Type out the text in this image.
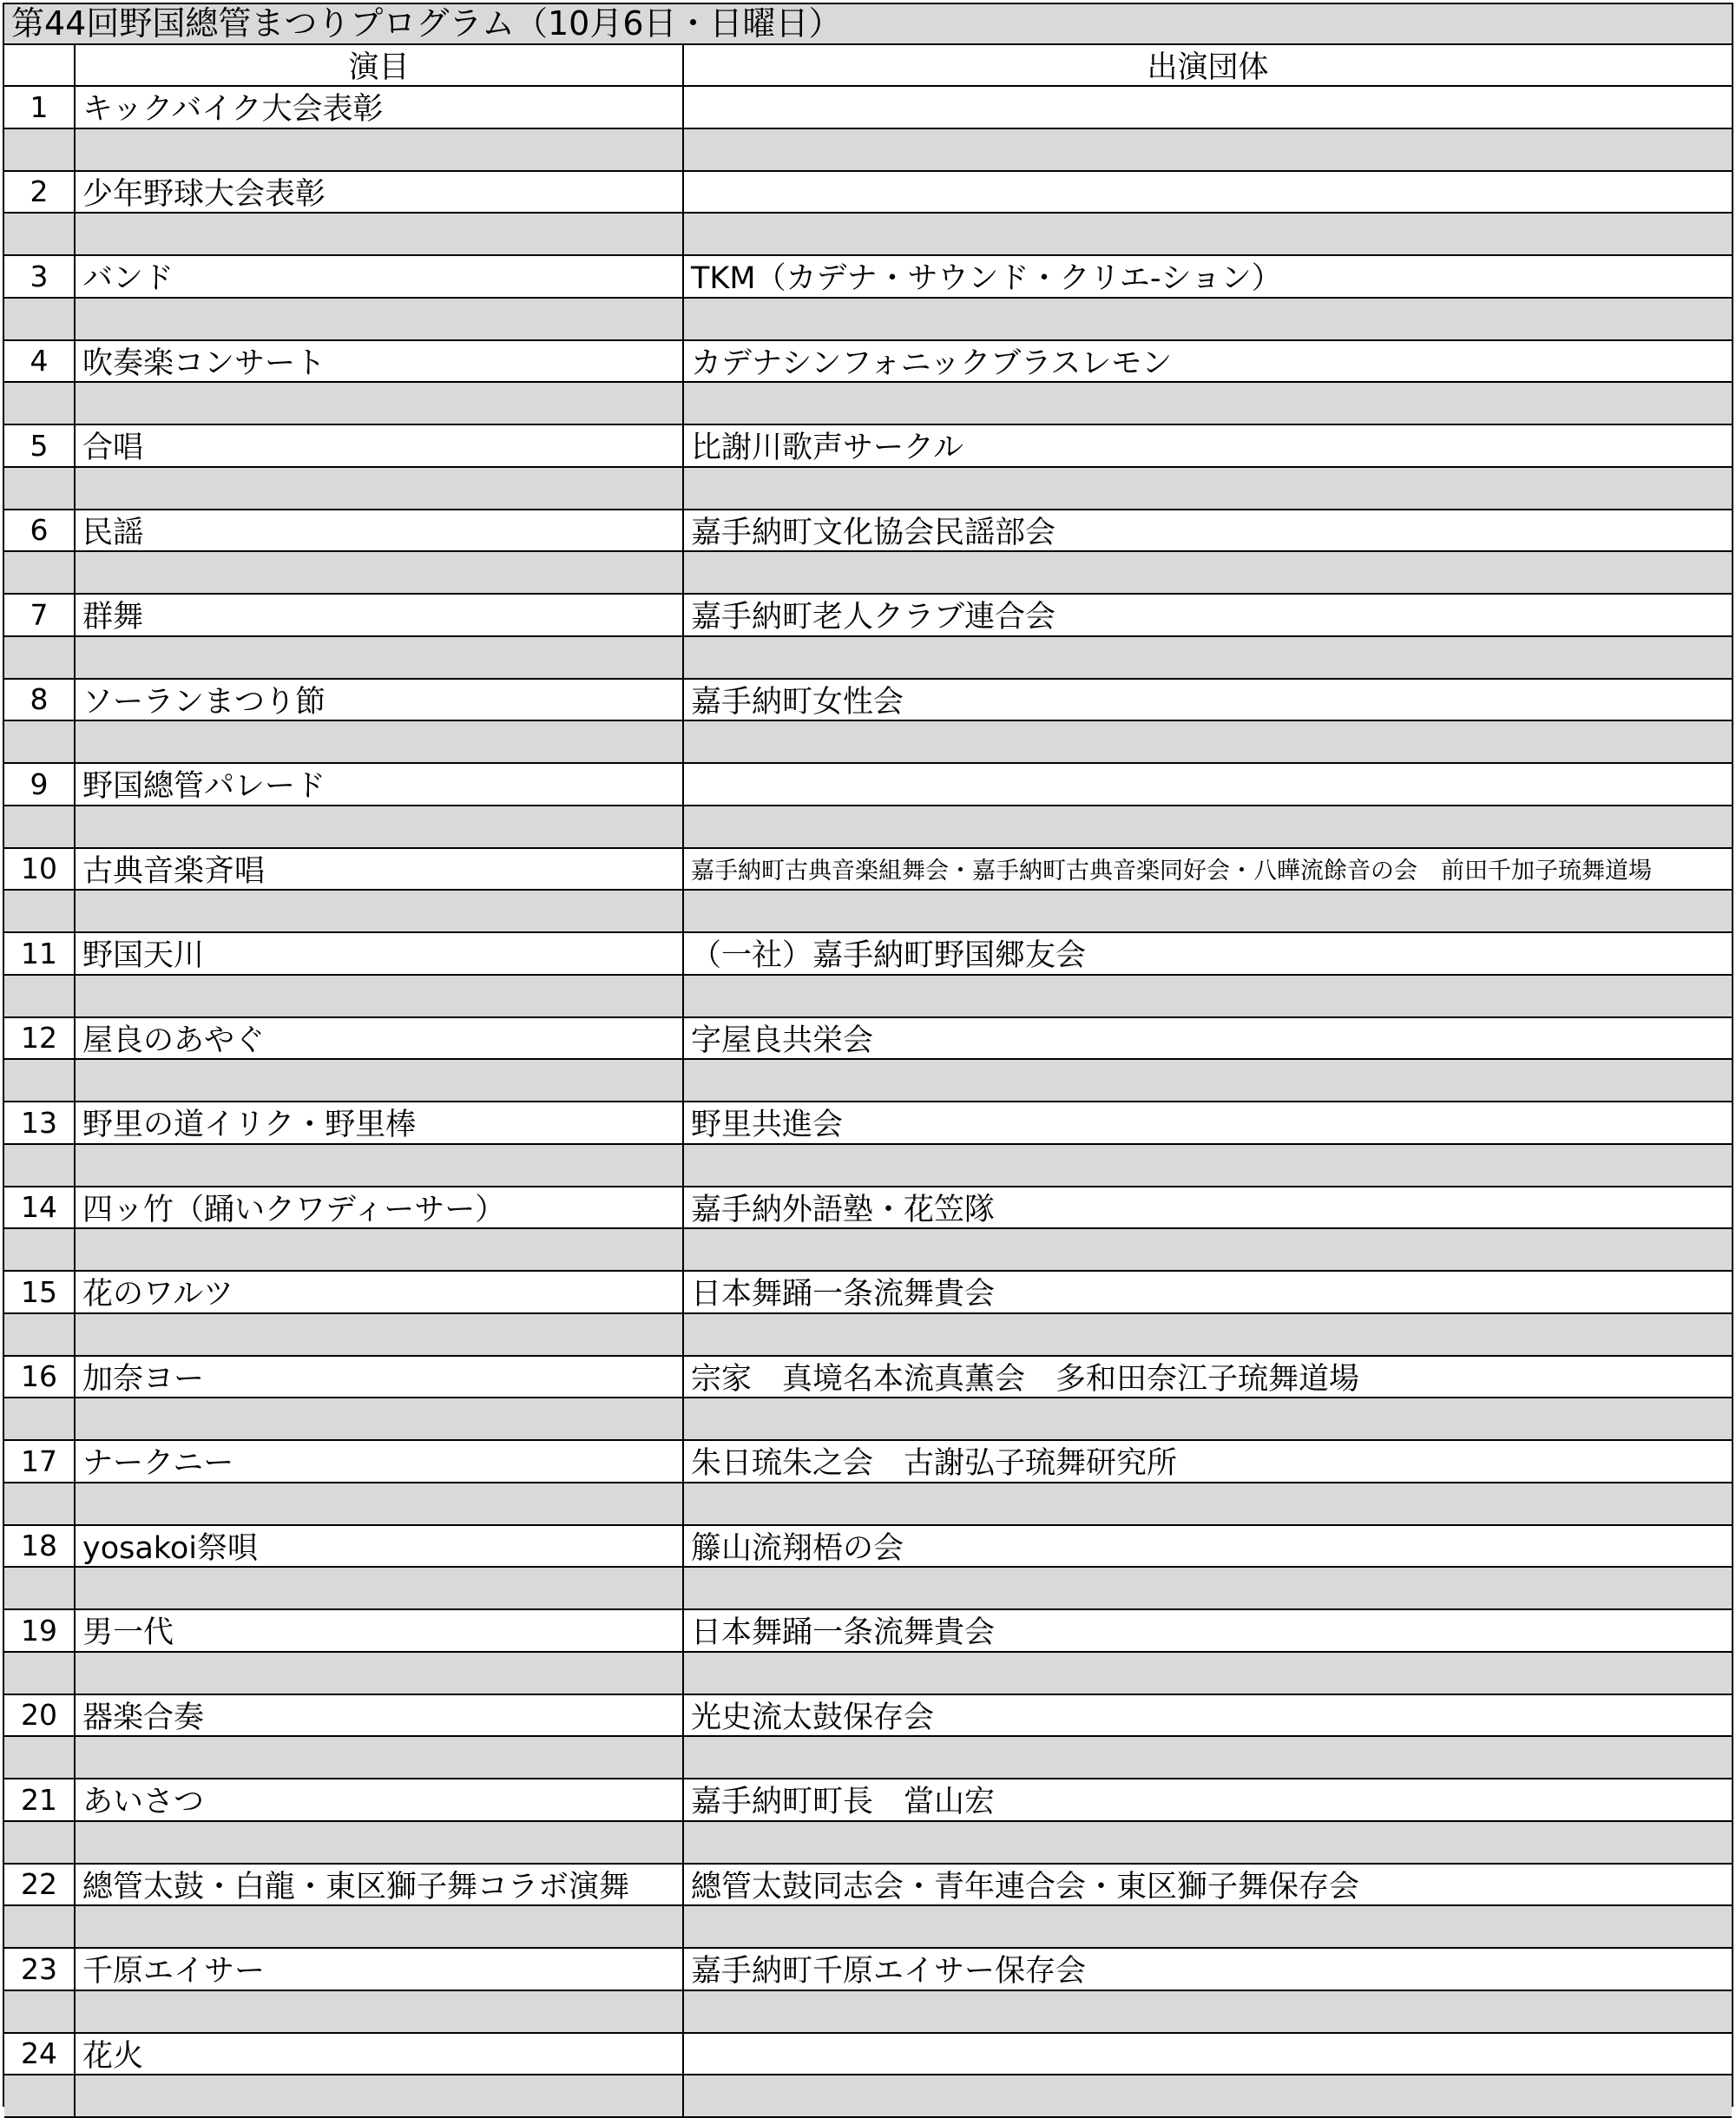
第44回野国總管まつりプログラム（10月6日・日曜日）
演目	出演団体
1	キックバイク大会表彰
2	少年野球大会表彰
3	バンド	TKM（カデナ・サウンド・クリエ-ション）
4	吹奏楽コンサート	カデナシンフォニックブラスレモン
5	合唱	比謝川歌声サークル
6	民謡	嘉手納町文化協会民謡部会
7	群舞	嘉手納町老人クラブ連合会
8	ソーランまつり節	嘉手納町女性会
9	野国總管パレード
10 古典音楽斉唱	嘉手納町古典音楽組舞会・嘉手納町古典音楽同好会・八曄流餘音の会　前田千加子琉舞道場
11 野国天川	（一社）嘉手納町野国郷友会
12 屋良のあやぐ	字屋良共栄会
13 野里の道イリク・野里棒	野里共進会
14 四ッ竹（踊いクワディーサー）	嘉手納外語塾・花笠隊
15 花のワルツ	日本舞踊一条流舞貴会
16 加奈ヨー	宗家　真境名本流真薫会　多和田奈江子琉舞道場
17 ナークニー	朱日琉朱之会　古謝弘子琉舞研究所
18 yosakoi祭唄	籐山流翔梧の会
19 男一代	日本舞踊一条流舞貴会
20 器楽合奏	光史流太鼓保存会
21 あいさつ	嘉手納町町長　當山宏
22 總管太鼓・白龍・東区獅子舞コラボ演舞	總管太鼓同志会・青年連合会・東区獅子舞保存会
23 千原エイサー	嘉手納町千原エイサー保存会
24 花火
